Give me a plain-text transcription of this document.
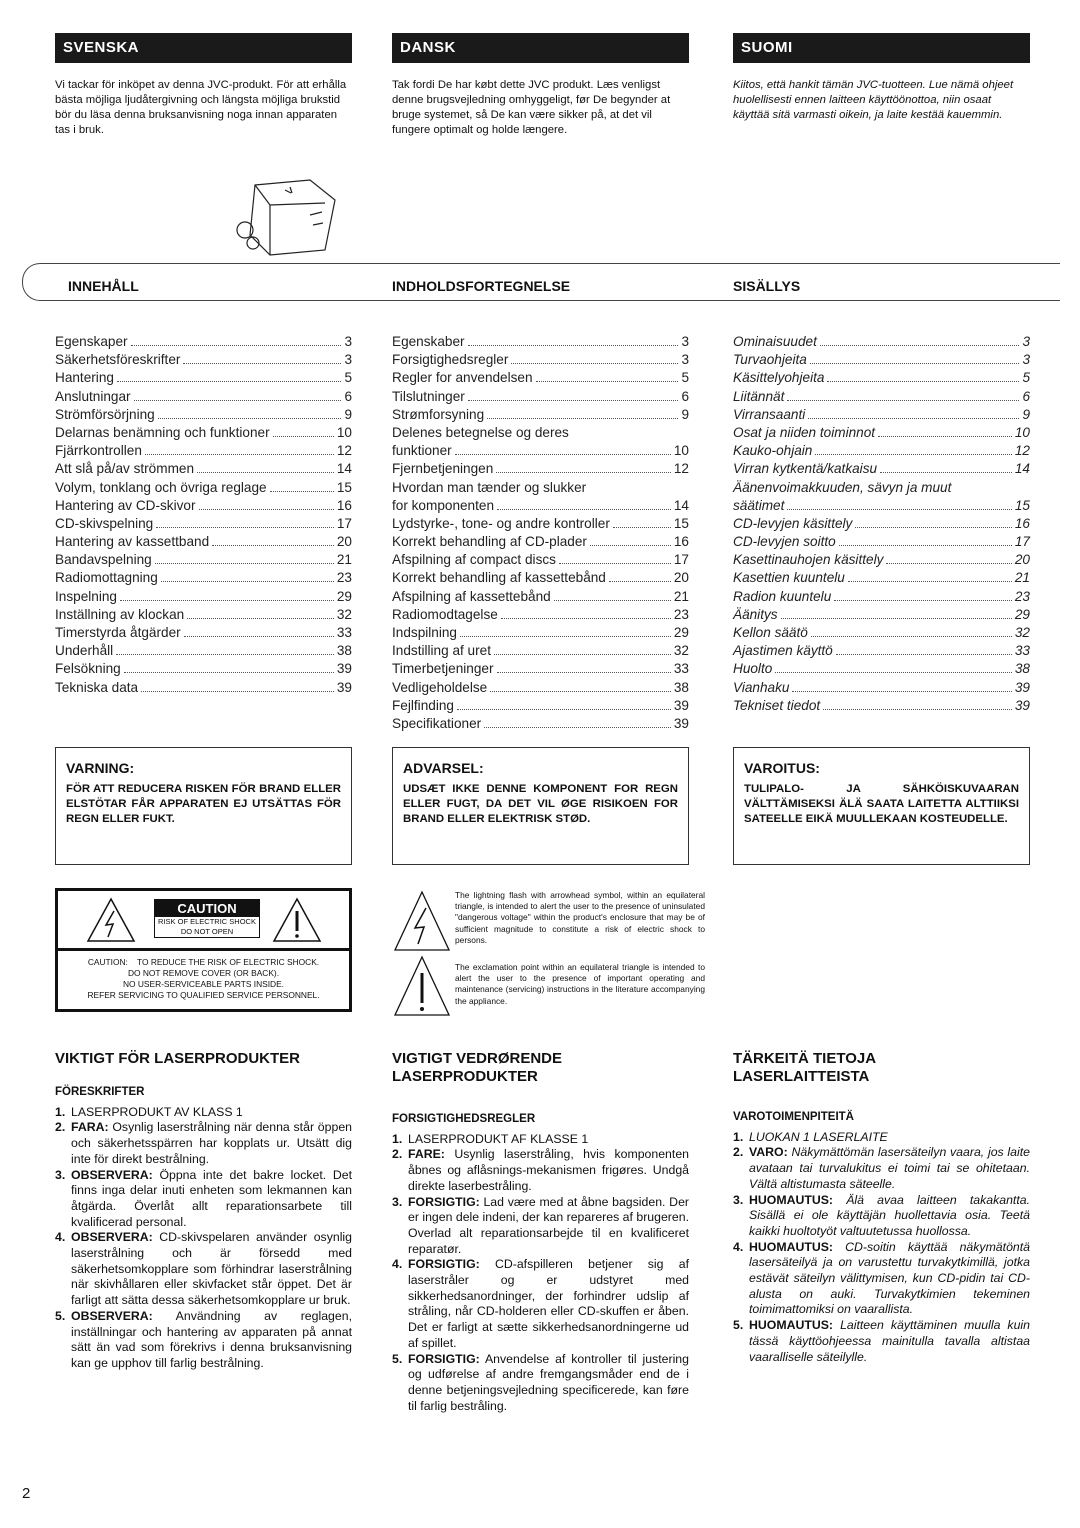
SVENSKA	DANSK	SUOMI

Vi tackar för inköpet av denna JVC-produkt. För att erhålla bästa möjliga ljudåtergivning och längsta möjliga brukstid bör du läsa denna bruksanvisning noga innan apparaten tas i bruk.

Tak fordi De har købt dette JVC produkt. Læs venligst denne brugsvejledning omhyggeligt, før De begynder at bruge systemet, så De kan være sikker på, at det vil fungere optimalt og holde længere.

Kiitos, että hankit tämän JVC-tuotteen. Lue nämä ohjeet huolellisesti ennen laitteen käyttöönottoa, niin osaat käyttää sitä varmasti oikein, ja laite kestää kauemmin.

INNEHÅLL	INDHOLDSFORTEGNELSE	SISÄLLYS
Egenskaper	3
Säkerhetsföreskrifter	3
Hantering	5
Anslutningar	6
Strömförsörjning	9
Delarnas benämning och funktioner	10
Fjärrkontrollen	12
Att slå på/av strömmen	14
Volym, tonklang och övriga reglage	15
Hantering av CD-skivor	16
CD-skivspelning	17
Hantering av kassettband	20
Bandavspelning	21
Radiomottagning	23
Inspelning	29
Inställning av klockan	32
Timerstyrda åtgärder	33
Underhåll	38
Felsökning	39
Tekniska data	39
Egenskaber	3
Forsigtighedsregler	3
Regler for anvendelsen	5
Tilslutninger	6
Strømforsyning	9
Delenes betegnelse og deres
funktioner	10
Fjernbetjeningen	12
Hvordan man tænder og slukker
for komponenten	14
Lydstyrke-, tone- og andre kontroller	15
Korrekt behandling af CD-plader	16
Afspilning af compact discs	17
Korrekt behandling af kassettebånd	20
Afspilning af kassettebånd	21
Radiomodtagelse	23
Indspilning	29
Indstilling af uret	32
Timerbetjeninger	33
Vedligeholdelse	38
Fejlfinding	39
Specifikationer	39
Ominaisuudet	3
Turvaohjeita	3
Käsittelyohjeita	5
Liitännät	6
Virransaanti	9
Osat ja niiden toiminnot	10
Kauko-ohjain	12
Virran kytkentä/katkaisu	14
Äänenvoimakkuuden, sävyn ja muut
säätimet	15
CD-levyjen käsittely	16
CD-levyjen soitto	17
Kasettinauhojen käsittely	20
Kasettien kuuntelu	21
Radion kuuntelu	23
Äänitys	29
Kellon säätö	32
Ajastimen käyttö	33
Huolto	38
Vianhaku	39
Tekniset tiedot	39
VARNING:

FÖR ATT REDUCERA RISKEN FÖR BRAND ELLER ELSTÖTAR FÅR APPARATEN EJ UTSÄTTAS FÖR REGN ELLER FUKT.

ADVARSEL:

UDSÆT IKKE DENNE KOMPONENT FOR REGN ELLER FUGT, DA DET VIL ØGE RISIKOEN FOR BRAND ELLER ELEKTRISK STØD.

VAROITUS:

TULIPALO- JA SÄHKÖISKUVAARAN VÄLTTÄMISEKSI ÄLÄ SAATA LAITETTA ALTTIIKSI SATEELLE EIKÄ MUULLEKAAN KOSTEUDELLE.

CAUTION
RISK OF ELECTRIC SHOCK
DO NOT OPEN
CAUTION:    TO REDUCE THE RISK OF ELECTRIC SHOCK.
DO NOT REMOVE COVER (OR BACK).
NO USER-SERVICEABLE PARTS INSIDE.
REFER SERVICING TO QUALIFIED SERVICE PERSONNEL.

The lightning flash with arrowhead symbol, within an equilateral triangle, is intended to alert the user to the presence of uninsulated "dangerous voltage" within the product's enclosure that may be of sufficient magnitude to constitute a risk of electric shock to persons.

The exclamation point within an equilateral triangle is intended to alert the user to the presence of important operating and maintenance (servicing) instructions in the literature accompanying the appliance.

VIKTIGT FÖR LASERPRODUKTER	VIGTIGT VEDRØRENDE LASERPRODUKTER
TÄRKEITÄ TIETOJA LASERLAITTEISTA
FÖRESKRIFTER
1. LASERPRODUKT AV KLASS 1
2. FARA: Osynlig laserstrålning när denna står öppen och säkerhetsspärren har kopplats ur. Utsätt dig inte för direkt bestrålning.
3. OBSERVERA: Öppna inte det bakre locket. Det finns inga delar inuti enheten som lekmannen kan åtgärda. Överlåt allt reparationsarbete till kvalificerad personal.
4. OBSERVERA: CD-skivspelaren använder osynlig laserstrålning och är försedd med säkerhetsomkopplare som förhindrar laserstrålning när skivhållaren eller skivfacket står öppet. Det är farligt att sätta dessa säkerhetsomkopplare ur bruk.
5. OBSERVERA: Användning av reglagen, inställningar och hantering av apparaten på annat sätt än vad som förekrivs i denna bruksanvisning kan ge upphov till farlig bestrålning.
FORSIGTIGHEDSREGLER
1. LASERPRODUKT AF KLASSE 1
2. FARE: Usynlig laserstråling, hvis komponenten åbnes og aflåsnings-mekanismen frigøres. Undgå direkte laserbestråling.
3. FORSIGTIG: Lad være med at åbne bagsiden. Der er ingen dele indeni, der kan repareres af brugeren. Overlad alt reparationsarbejde til en kvalificeret reparatør.
4. FORSIGTIG: CD-afspilleren betjener sig af laserstråler og er udstyret med sikkerhedsanordninger, der forhindrer udslip af stråling, når CD-holderen eller CD-skuffen er åben. Det er farligt at sætte sikkerhedsanordningerne ud af spillet.
5. FORSIGTIG: Anvendelse af kontroller til justering og udførelse af andre fremgangsmåder end de i denne betjeningsvejledning specificerede, kan føre til farlig bestråling.
VAROTOIMENPITEITÄ
1. LUOKAN 1 LASERLAITE
2. VARO: Näkymättömän lasersäteilyn vaara, jos laite avataan tai turvalukitus ei toimi tai se ohitetaan. Vältä altistumasta säteelle.
3. HUOMAUTUS: Älä avaa laitteen takakantta. Sisällä ei ole käyttäjän huollettavia osia. Teetä kaikki huoltotyöt valtuutetussa huollossa.
4. HUOMAUTUS: CD-soitin käyttää näkymätöntä lasersäteilyä ja on varustettu turvakytkimillä, jotka estävät säteilyn välittymisen, kun CD-pidin tai CD-alusta on auki. Turvakytkimien tekeminen toimimattomiksi on vaarallista.
5. HUOMAUTUS: Laitteen käyttäminen muulla kuin tässä käyttöohjeessa mainitulla tavalla altistaa vaaralliselle säteilylle.
2
